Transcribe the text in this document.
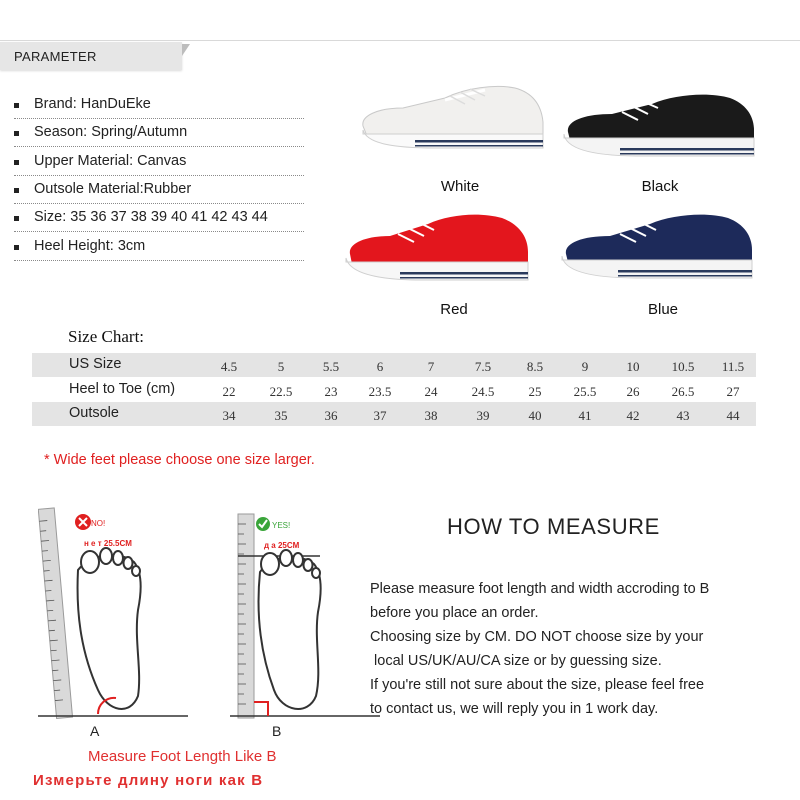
PARAMETER
Brand: HanDuEke
Season: Spring/Autumn
Upper Material: Canvas
Outsole Material:Rubber
Size: 35 36 37 38 39 40 41 42 43 44
Heel Height: 3cm
White	Black
Red	Blue
Size Chart:
US Size	4.5	5	5.5	6	7	7.5	8.5	9	10	10.5	11.5
Heel to Toe (cm)	22	22.5	23	23.5	24	24.5	25	25.5	26	26.5	27
Outsole	34	35	36	37	38	39	40	41	42	43	44
* Wide feet please choose one size larger.
NO!
н е т 25.5CM
A
YES!
д а 25CM
B
Measure Foot Length Like B
Измерьте длину ноги как В
HOW TO MEASURE
Please measure foot length and width accroding to B
before you place an order.
Choosing size by CM. DO NOT choose size by your
local US/UK/AU/CA size or by guessing size.
If you're still not sure about the size, please feel free
to contact us, we will reply you in 1 work day.
